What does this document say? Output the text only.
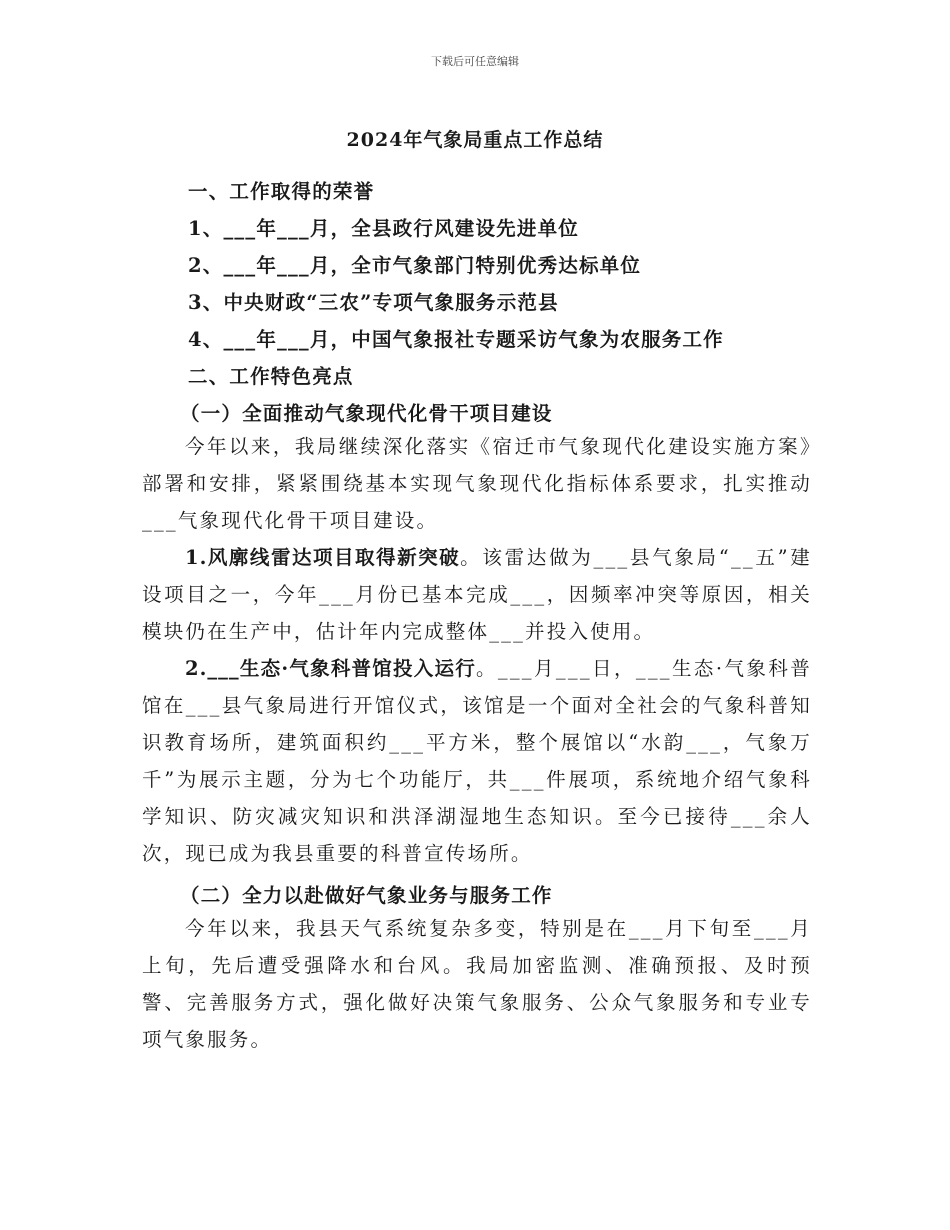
下载后可任意编辑
2024年气象局重点工作总结
一、工作取得的荣誉
1、___年___月，全县政行风建设先进单位
2、___年___月，全市气象部门特别优秀达标单位
3、中央财政“三农”专项气象服务示范县
4、___年___月，中国气象报社专题采访气象为农服务工作
二、工作特色亮点
（一）全面推动气象现代化骨干项目建设

今年以来，我局继续深化落实《宿迁市气象现代化建设实施方案》部署和安排，紧紧围绕基本实现气象现代化指标体系要求，扎实推动___气象现代化骨干项目建设。

1.风廓线雷达项目取得新突破。该雷达做为___县气象局“__五”建设项目之一，今年___月份已基本完成___，因频率冲突等原因，相关模块仍在生产中，估计年内完成整体___并投入使用。

2.___生态·气象科普馆投入运行。___月___日，___生态·气象科普馆在___县气象局进行开馆仪式，该馆是一个面对全社会的气象科普知识教育场所，建筑面积约___平方米，整个展馆以“水韵___，气象万千”为展示主题，分为七个功能厅，共___件展项，系统地介绍气象科学知识、防灾减灾知识和洪泽湖湿地生态知识。至今已接待___余人次，现已成为我县重要的科普宣传场所。

（二）全力以赴做好气象业务与服务工作

今年以来，我县天气系统复杂多变，特别是在___月下旬至___月上旬，先后遭受强降水和台风。我局加密监测、准确预报、及时预警、完善服务方式，强化做好决策气象服务、公众气象服务和专业专项气象服务。
